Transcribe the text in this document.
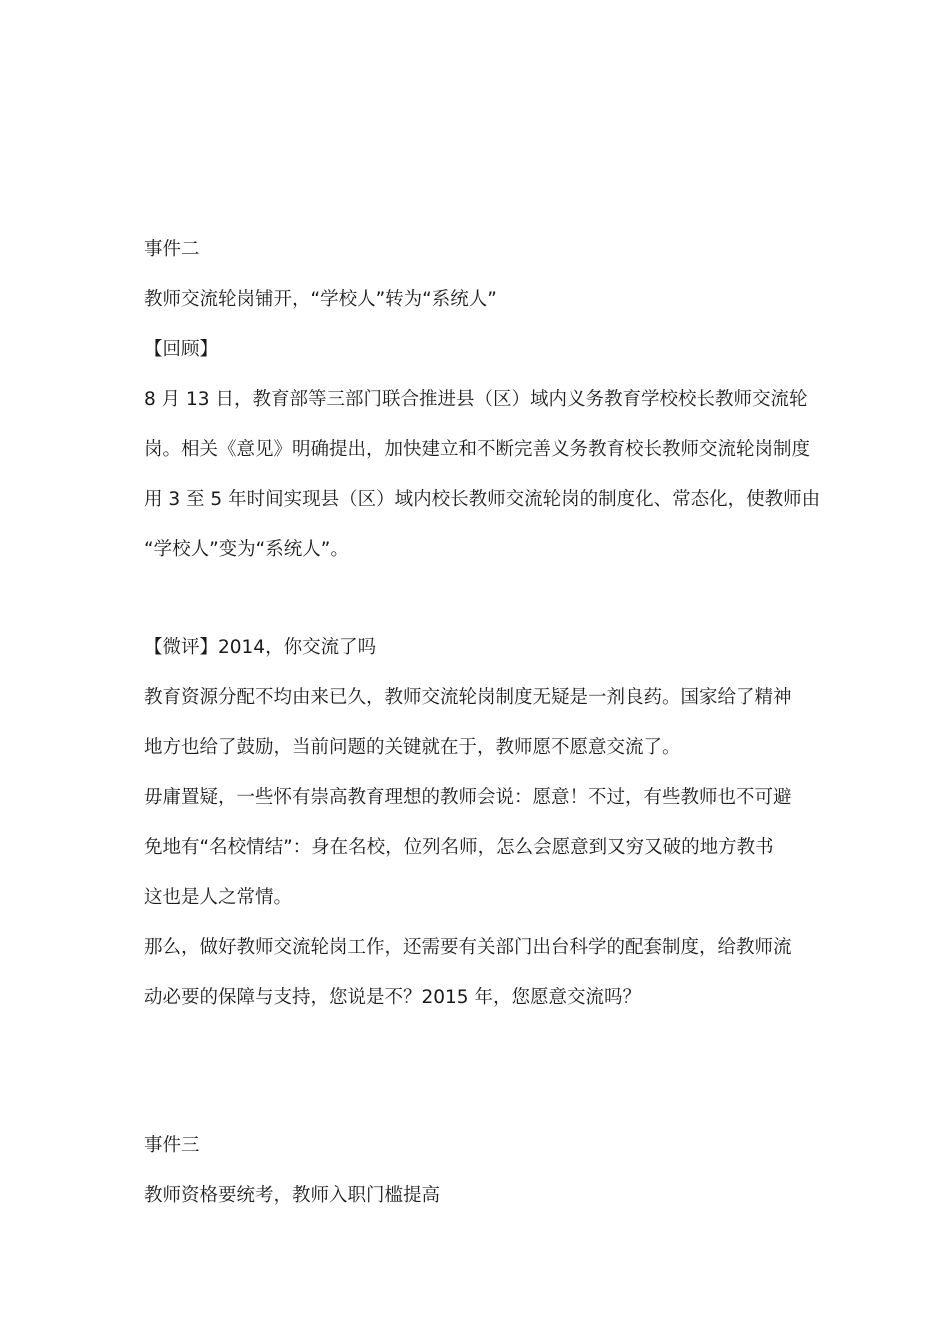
事件二
教师交流轮岗铺开，“学校人”转为“系统人”
【回顾】
8 月 13 日，教育部等三部门联合推进县（区）域内义务教育学校校长教师交流轮
岗。相关《意见》明确提出，加快建立和不断完善义务教育校长教师交流轮岗制度
用 3 至 5 年时间实现县（区）域内校长教师交流轮岗的制度化、常态化，使教师由
“学校人”变为“系统人”。
【微评】2014，你交流了吗
教育资源分配不均由来已久，教师交流轮岗制度无疑是一剂良药。国家给了精神
地方也给了鼓励，当前问题的关键就在于，教师愿不愿意交流了。
毋庸置疑，一些怀有崇高教育理想的教师会说：愿意！不过，有些教师也不可避
免地有“名校情结”：身在名校，位列名师，怎么会愿意到又穷又破的地方教书
这也是人之常情。
那么，做好教师交流轮岗工作，还需要有关部门出台科学的配套制度，给教师流
动必要的保障与支持，您说是不？2015 年，您愿意交流吗？
事件三
教师资格要统考，教师入职门槛提高
